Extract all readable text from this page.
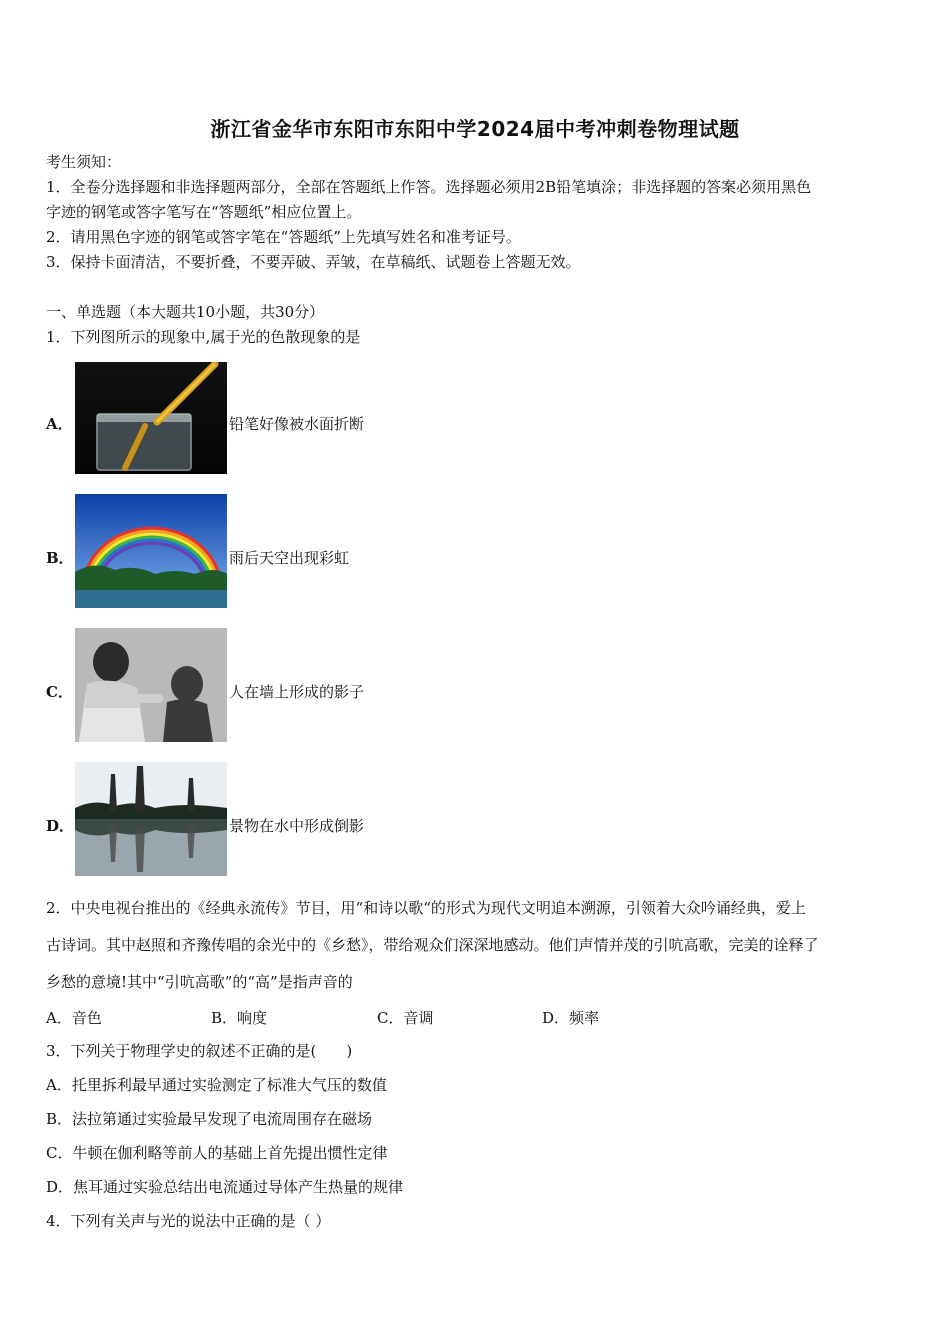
浙江省金华市东阳市东阳中学2024届中考冲刺卷物理试题
考生须知：
1．全卷分选择题和非选择题两部分，全部在答题纸上作答。选择题必须用2B铅笔填涂；非选择题的答案必须用黑色
字迹的钢笔或答字笔写在“答题纸”相应位置上。
2．请用黑色字迹的钢笔或答字笔在“答题纸”上先填写姓名和准考证号。
3．保持卡面清洁，不要折叠，不要弄破、弄皱，在草稿纸、试题卷上答题无效。
一、单选题（本大题共10小题，共30分）
1．下列图所示的现象中,属于光的色散现象的是
A．	铅笔好像被水面折断
B．	雨后天空出现彩虹
C．	人在墙上形成的影子
D．	景物在水中形成倒影
2．中央电视台推出的《经典永流传》节目，用“和诗以歌“的形式为现代文明追本溯源，引领着大众吟诵经典，爱上
古诗词。其中赵照和齐豫传唱的余光中的《乡愁》，带给观众们深深地感动。他们声情并茂的引吭高歌，完美的诠释了
乡愁的意境!其中“引吭高歌”的“高”是指声音的
A．音色	B．响度	C．音调	D．频率
3．下列关于物理学史的叙述不正确的是(　　)
A．托里拆利最早通过实验测定了标准大气压的数值
B．法拉第通过实验最早发现了电流周围存在磁场
C．牛顿在伽利略等前人的基础上首先提出惯性定律
D．焦耳通过实验总结出电流通过导体产生热量的规律
4．下列有关声与光的说法中正确的是（ ）
